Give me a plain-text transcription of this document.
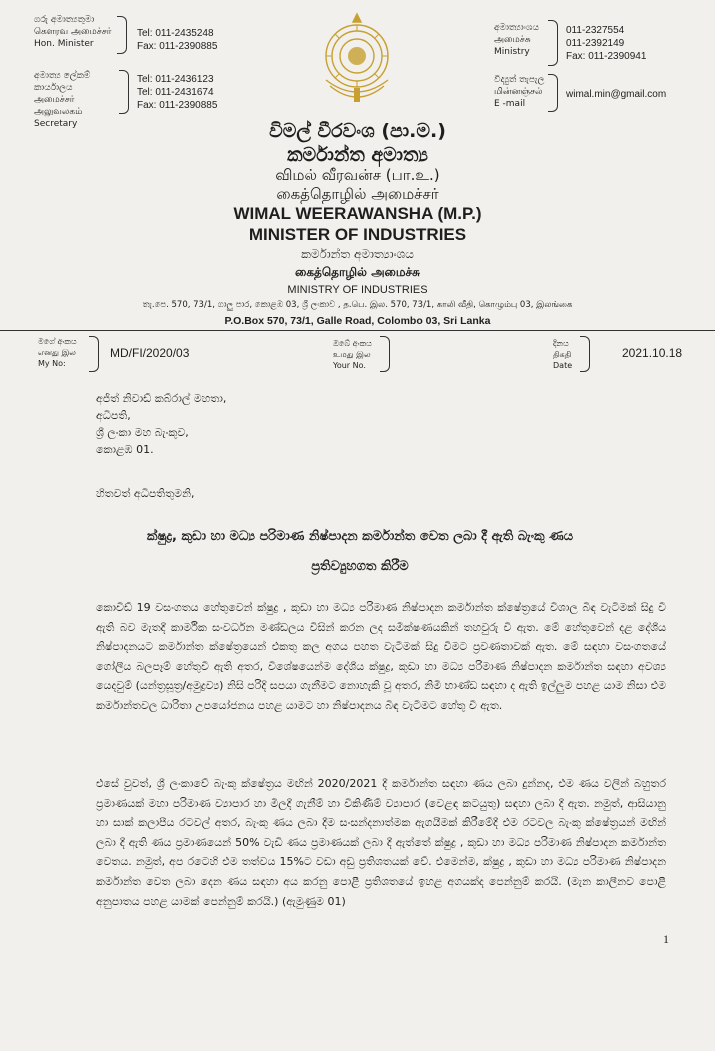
ගරු අමාත්‍යතුමා
கௌரவ அமைச்சர்
Hon. Minister
Tel: 011-2435248
Fax: 011-2390885
අමාත්‍ය ලේකම් කාර්යාලය
அமைச்சர் அலுவலகம்
Secretary
Tel: 011-2436123
Tel: 011-2431674
Fax: 011-2390885
අමාත්‍යාංශය
அமைச்சு
Ministry
011-2327554
011-2392149
Fax: 011-2390941
විද්‍යුත් තැපැල
மின்னஞ்சல்
E -mail
wimal.min@gmail.com
විමල් වීරවංශ (පා.ම.)
කර්මාන්ත අමාත්‍ය
விமல் வீரவன்ச (பா.உ.)
கைத்தொழில் அமைச்சர்
WIMAL WEERAWANSHA (M.P.)
MINISTER OF INDUSTRIES
කර්මාන්ත අමාත්‍යාංශය
கைத்தொழில் அமைச்சு
MINISTRY OF INDUSTRIES
තැ.පෙ. 570, 73/1, ගාලු පාර, කොළඹ 03, ශ්‍රී ලංකාව , த.பெ. இல. 570, 73/1, காலி வீதி, கொழும்பு 03, இலங்கை
P.O.Box 570, 73/1, Galle Road, Colombo 03, Sri Lanka
මගේ අංකය
எனது இல
My No:
MD/FI/2020/03
ඔබේ අංකය
உமது இல
Your No.
දිනය
திகதி
Date
2021.10.18
අජිත් නිවාඩ් කබ්රාල් මහතා,
අධිපති,
ශ්‍රී ලංකා මහ බැංකුව,
කොළඹ 01.
හිතවත් අධිපතිතුමනි,
ක්ෂුද්‍ර, කුඩා හා මධ්‍ය පරිමාණ නිෂ්පාදන කර්මාන්ත වෙත ලබා දී ඇති බැංකු ණය
ප්‍රතිව්‍යුහගත කිරීම
කොවිඩ් 19 වසංගතය හේතුවෙන් ක්ෂුද්‍ර , කුඩා හා මධ්‍ය පරිමාණ නිෂ්පාදන කර්මාන්ත ක්ෂේත්‍රයේ විශාල බිඳ වැටීමක් සිදු වී ඇති බව මැතදී කාර්මික සංවර්ධන මණ්ඩලය විසින් කරන ලද සමීක්ෂණයකින් තහවුරු වී ඇත. මේ හේතුවෙන් දළ දේශීය නිෂ්පාදනයට කර්මාන්ත ක්ෂේත්‍රයෙන් එකතු කල අගය පහත වැටීමක් සිදු වීමට ප්‍රවණතාවක් ඇත. මේ සඳහා වසංගතයේ ගෝලීය බලපෑම් හේතුවී ඇති අතර, විශේෂයෙන්ම දේශීය ක්ෂුද්‍ර, කුඩා හා මධ්‍ය පරිමාණ නිෂ්පාදන කර්මාන්ත සඳහා අවශ්‍ය යෙදවුම් (යන්ත්‍රසූත්‍ර/අමුද්‍රව්‍ය) නිසි පරිදි සපයා ගැනීමට නොහැකි වූ අතර, නිමි භාණ්ඩ සඳහා ද ඇති ඉල්ලුම පහළ යාම නිසා එම කර්මාන්තවල ධාරිතා උපයෝජනය පහළ යාමට හා නිෂ්පාදනය බිඳ වැටීමට හේතු වී ඇත.
එසේ වුවත්, ශ්‍රී ලංකාවේ බැංකු ක්ෂේත්‍රය මඟින් 2020/2021 දී කර්මාන්ත සඳහා ණය ලබා දුන්නද, එම ණය වලින් බහුතර ප්‍රමාණයක් මහා පරිමාණ ව්‍යාපාර හා මිලදී ගැනීම් හා විකිණීම් ව්‍යාපාර (වෙළඳ කටයුතු) සඳහා ලබා දී ඇත. නමුත්, ආසියානු හා සාක් කලාපීය රටවල් අතර, බැංකු ණය ලබා දීම සංසන්දනාත්මක ඇගයීමක් කිරීමේදී එම රටවල බැංකු ක්ෂේත්‍රයන් මඟින් ලබා දී ඇති ණය ප්‍රමාණයෙන් 50% වැඩි ණය ප්‍රමාණයක් ලබා දී ඇත්තේ ක්ෂුද්‍ර , කුඩා හා මධ්‍ය පරිමාණ නිෂ්පාදන කර්මාන්ත වෙතය. නමුත්, අප රටෙහි එම තත්වය 15%ට වඩා අඩු ප්‍රතිශතයක් වේ. එමෙන්ම, ක්ෂුද්‍ර , කුඩා හා මධ්‍ය පරිමාණ නිෂ්පාදන කර්මාන්ත වෙත ලබා දෙන ණය සඳහා අය කරනු පොළී ප්‍රතිශතයේ ඉහළ අගයක්ද පෙන්නුම් කරයි. (මැන කාලීනව පොළී අනුපාතය පහළ යාමක් පෙන්නුම් කරයි.) (ඇමුණුම 01)
1
